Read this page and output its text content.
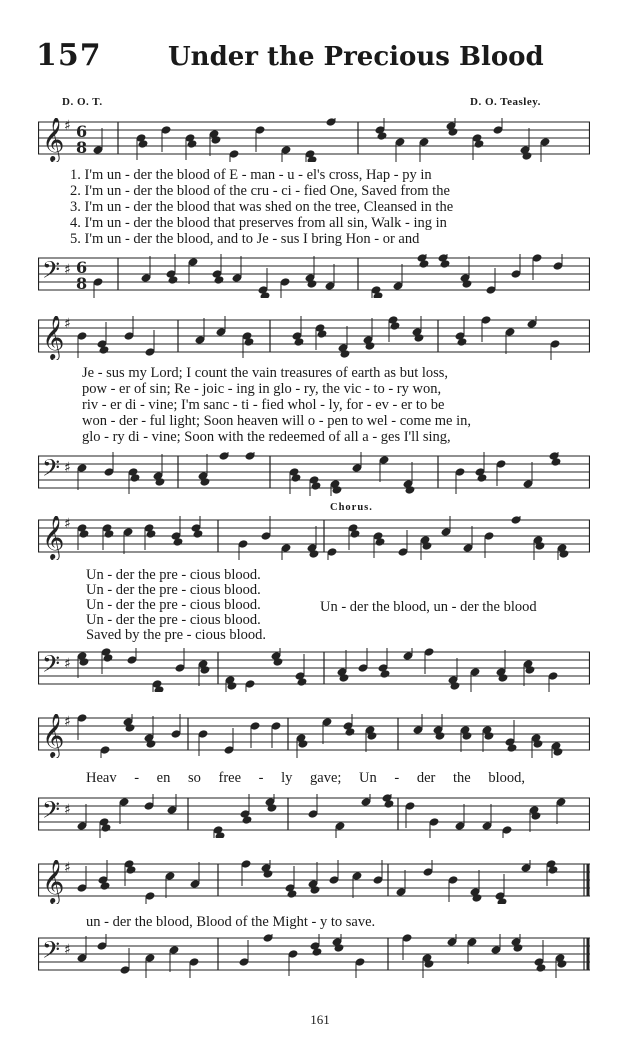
157	Under the Precious Blood
D. O. T.	D. O. Teasley.
𝄞 ♯ 6
8
𝄢 ♯ 6
8
𝄞 ♯
𝄢 ♯
𝄞 ♯
𝄢 ♯
𝄞 ♯
𝄢 ♯
𝄞 ♯
𝄢 ♯
1. I'm un - der the blood of E - man - u - el's cross, Hap - py in
2. I'm un - der the blood of the cru - ci - fied One, Saved from the
3. I'm un - der the blood that was shed on the tree, Cleansed in the
4. I'm un - der the blood that preserves from all sin, Walk - ing in
5. I'm un - der the blood, and to Je - sus I bring Hon - or and
Je - sus my Lord; I count the vain treasures of earth as but loss,
pow - er of sin; Re - joic - ing in glo - ry, the vic - to - ry won,
riv - er di - vine; I'm sanc - ti - fied whol - ly, for - ev - er to be
won - der - ful light; Soon heaven will o - pen to wel - come me in,
glo - ry di - vine; Soon with the redeemed of all a - ges I'll sing,
Chorus.
Un - der the pre - cious blood.
Un - der the pre - cious blood.
Un - der the pre - cious blood.
Un - der the pre - cious blood.
Saved by the pre - cious blood.
Un - der the blood, un - der the blood
Heav - en so free - ly gave; Un - der the blood,
un - der the blood, Blood of the Might - y to save.
161
